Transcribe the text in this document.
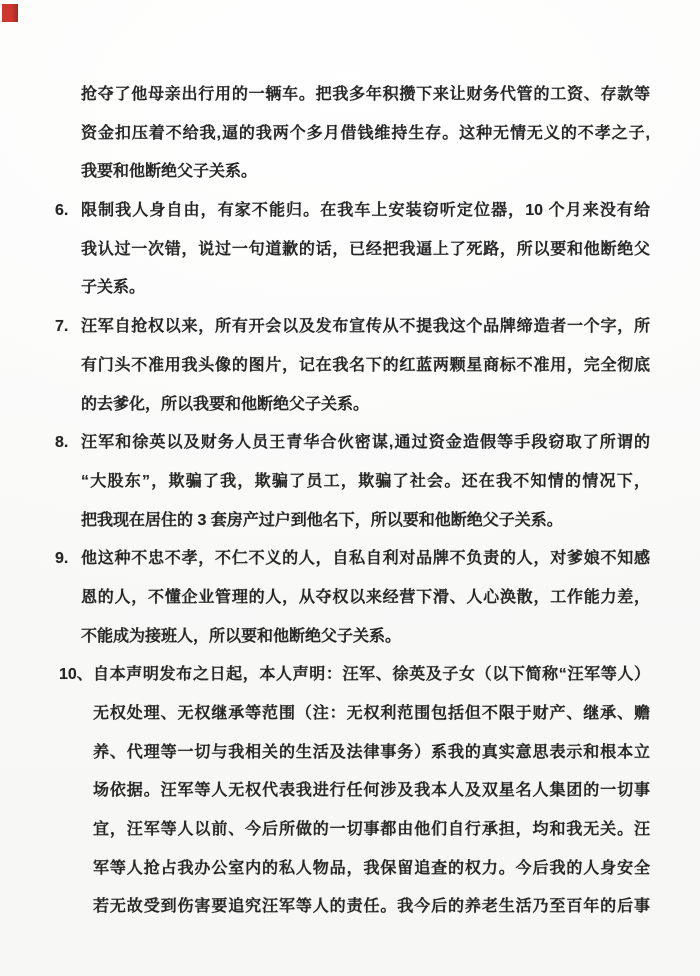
抢夺了他母亲出行用的一辆车。把我多年积攒下来让财务代管的工资、存款等
资金扣压着不给我,逼的我两个多月借钱维持生存。这种无情无义的不孝之子,
我要和他断绝父子关系。
6. 限制我人身自由，有家不能归。在我车上安装窃听定位器，10 个月来没有给
我认过一次错，说过一句道歉的话，已经把我逼上了死路，所以要和他断绝父
子关系。
7. 汪军自抢权以来，所有开会以及发布宣传从不提我这个品牌缔造者一个字，所
有门头不准用我头像的图片，记在我名下的红蓝两颗星商标不准用，完全彻底
的去爹化，所以我要和他断绝父子关系。
8. 汪军和徐英以及财务人员王青华合伙密谋,通过资金造假等手段窃取了所谓的
“大股东”，欺骗了我，欺骗了员工，欺骗了社会。还在我不知情的情况下，
把我现在居住的 3 套房产过户到他名下，所以要和他断绝父子关系。
9. 他这种不忠不孝，不仁不义的人，自私自利对品牌不负责的人，对爹娘不知感
恩的人，不懂企业管理的人，从夺权以来经营下滑、人心涣散，工作能力差，
不能成为接班人，所以要和他断绝父子关系。
10、 自本声明发布之日起，本人声明：汪军、徐英及子女（以下简称“汪军等人）
无权处理、无权继承等范围（注：无权利范围包括但不限于财产、继承、赡
养、代理等一切与我相关的生活及法律事务）系我的真实意思表示和根本立
场依据。汪军等人无权代表我进行任何涉及我本人及双星名人集团的一切事
宜，汪军等人以前、今后所做的一切事都由他们自行承担，均和我无关。汪
军等人抢占我办公室内的私人物品，我保留追查的权力。今后我的人身安全
若无故受到伤害要追究汪军等人的责任。我今后的养老生活乃至百年的后事
